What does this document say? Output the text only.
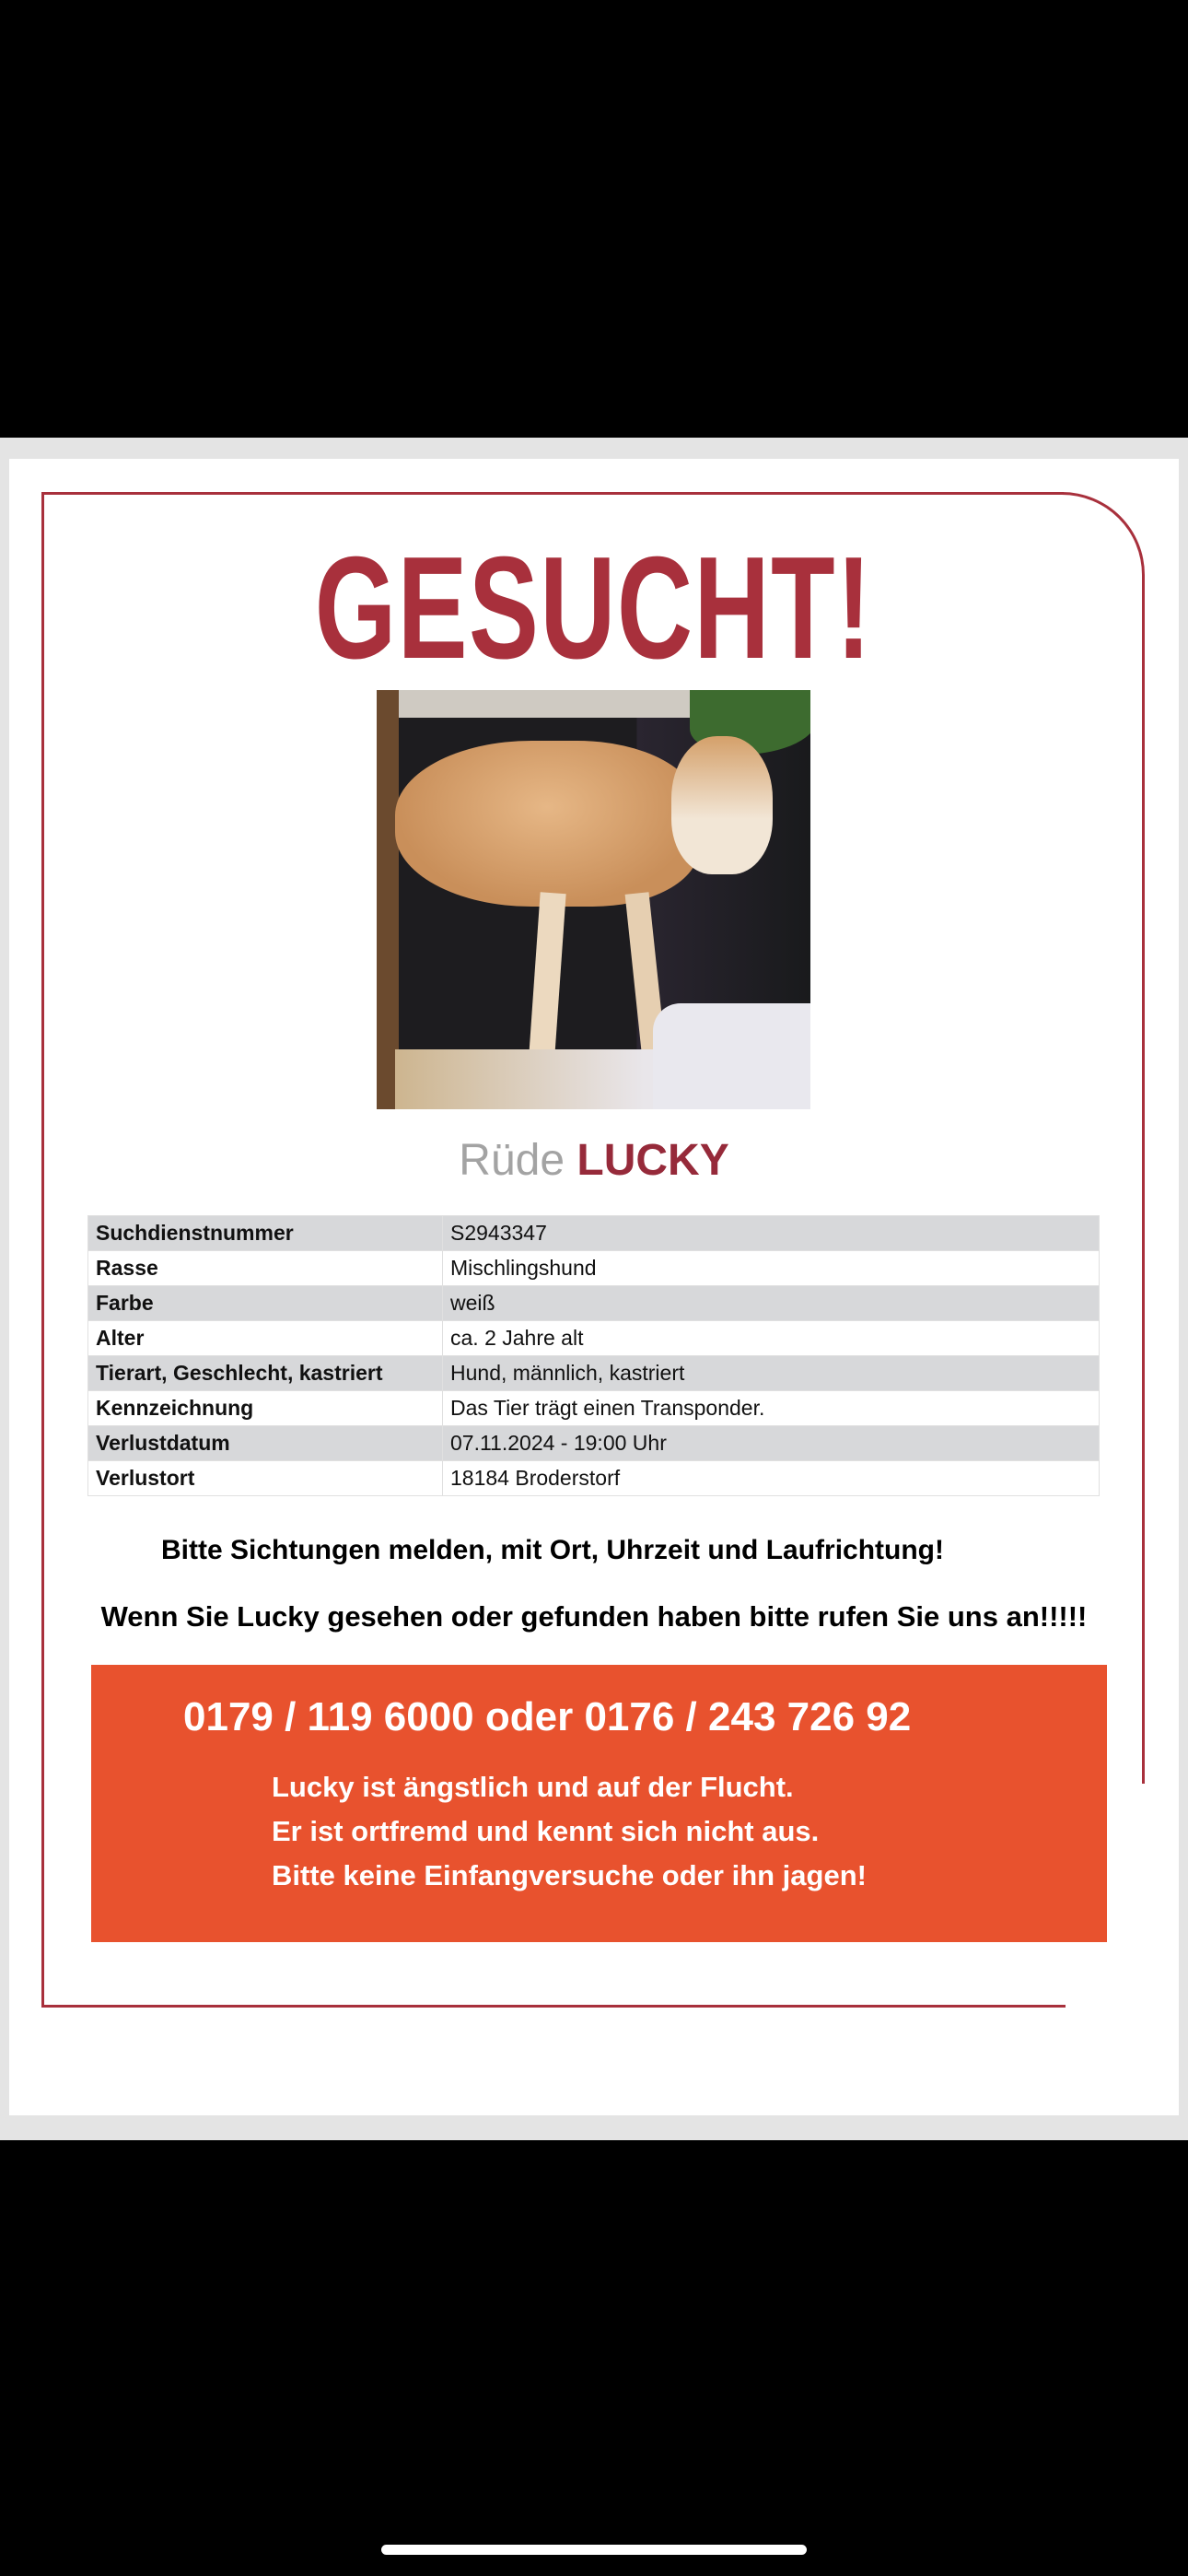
GESUCHT!
Rüde LUCKY
Suchdienstnummer	S2943347
Rasse	Mischlingshund
Farbe	weiß
Alter	ca. 2 Jahre alt
Tierart, Geschlecht, kastriert	Hund, männlich, kastriert
Kennzeichnung	Das Tier trägt einen Transponder.
Verlustdatum	07.11.2024 - 19:00 Uhr
Verlustort	18184 Broderstorf
Bitte Sichtungen melden, mit Ort, Uhrzeit und Laufrichtung!
Wenn Sie Lucky gesehen oder gefunden haben bitte rufen Sie uns an!!!!!
0179 / 119 6000 oder 0176 / 243 726 92
Lucky ist ängstlich und auf der Flucht.
Er ist ortfremd und kennt sich nicht aus.
Bitte keine Einfangversuche oder ihn jagen!
